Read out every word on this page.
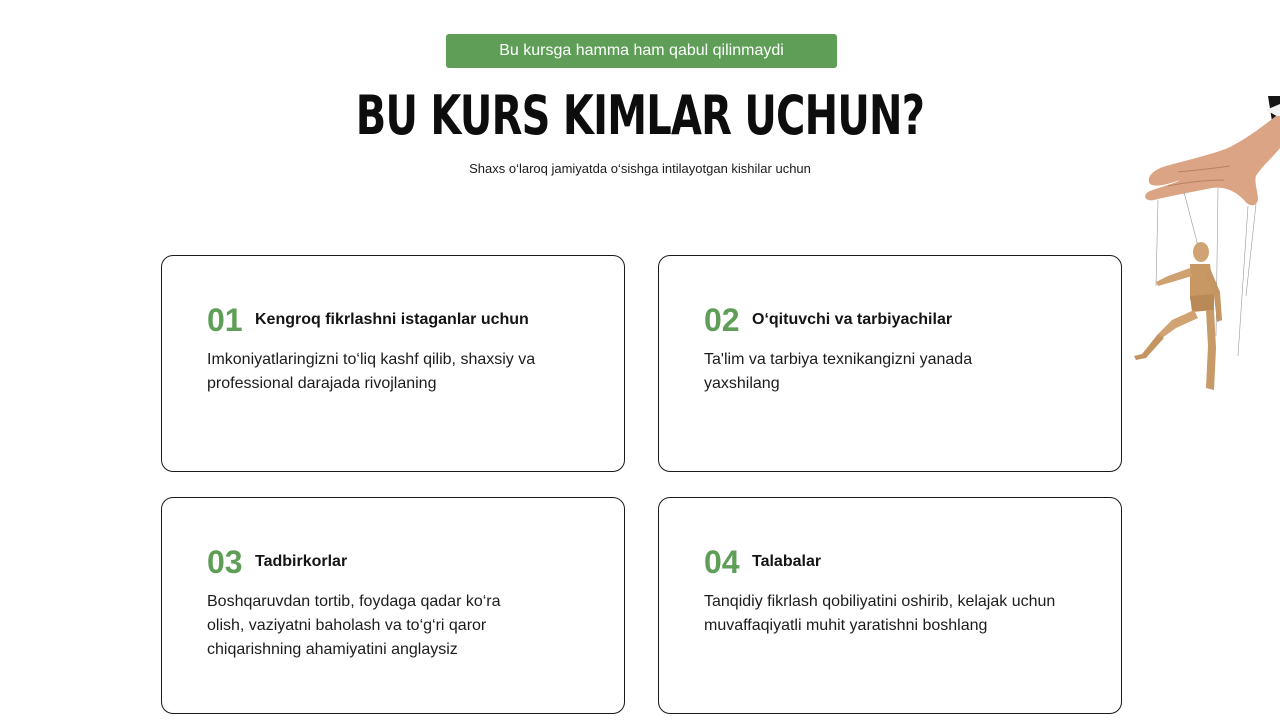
Bu kursga hamma ham qabul qilinmaydi
BU KURS KIMLAR UCHUN?
Shaxs o‘laroq jamiyatda o‘sishga intilayotgan kishilar uchun
01 Kengroq fikrlashni istaganlar uchun
Imkoniyatlaringizni to‘liq kashf qilib, shaxsiy va professional darajada rivojlaning
02 O‘qituvchi va tarbiyachilar
Ta'lim va tarbiya texnikangizni yanada yaxshilang
03 Tadbirkorlar
Boshqaruvdan tortib, foydaga qadar ko‘ra olish, vaziyatni baholash va to‘g‘ri qaror chiqarishning ahamiyatini anglaysiz
04 Talabalar
Tanqidiy fikrlash qobiliyatini oshirib, kelajak uchun muvaffaqiyatli muhit yaratishni boshlang
